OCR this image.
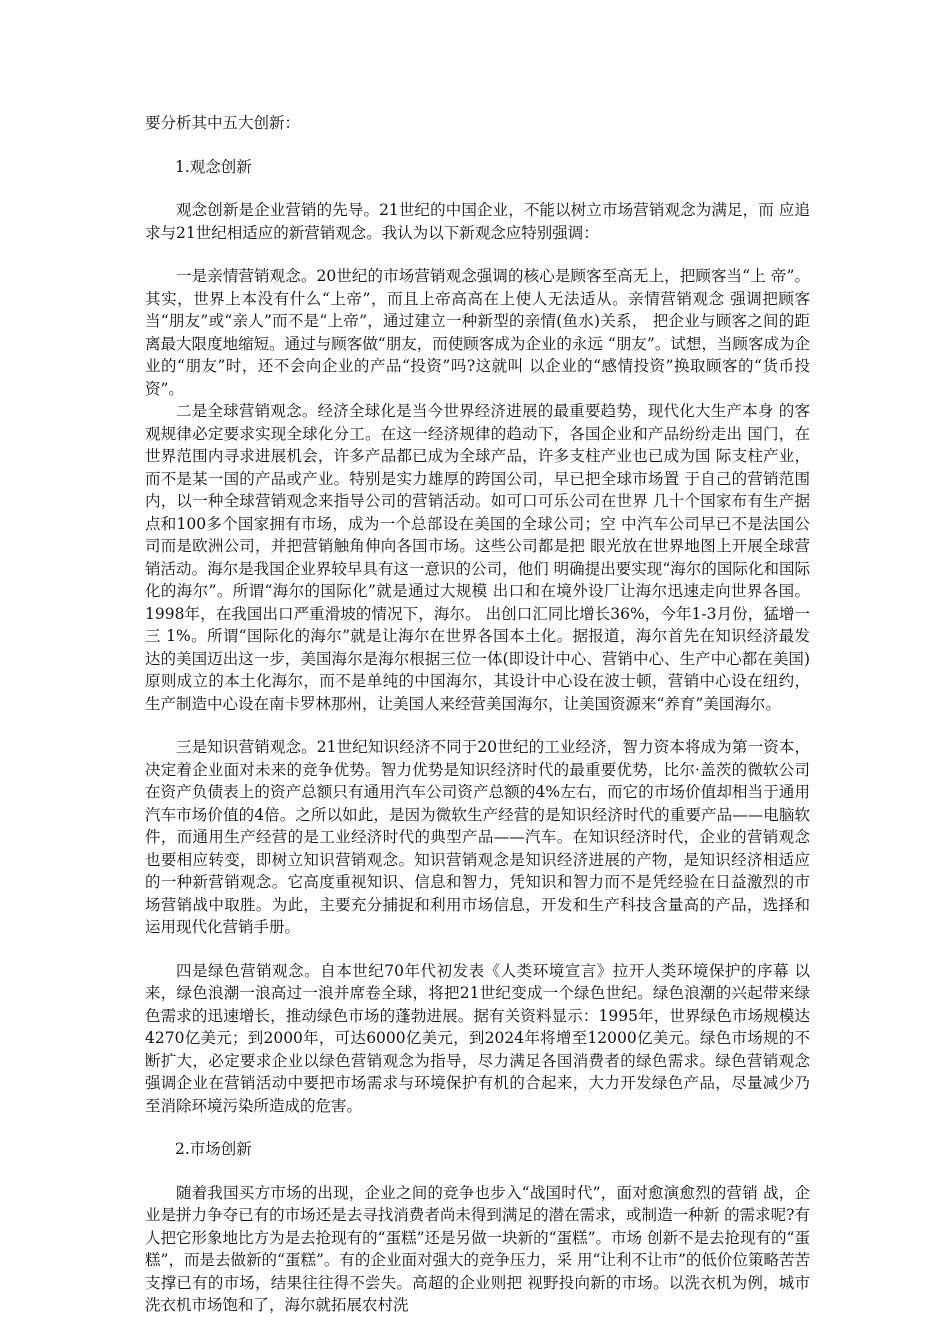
要分析其中五大创新：

1.观念创新

观念创新是企业营销的先导。21世纪的中国企业，不能以树立市场营销观念为满足，而 应追求与21世纪相适应的新营销观念。我认为以下新观念应特别强调：

一是亲情营销观念。20世纪的市场营销观念强调的核心是顾客至高无上，把顾客当“上 帝”。其实，世界上本没有什么“上帝”，而且上帝高高在上使人无法适从。亲情营销观念 强调把顾客当“朋友”或“亲人”而不是“上帝”，通过建立一种新型的亲情(鱼水)关系， 把企业与顾客之间的距离最大限度地缩短。通过与顾客做“朋友，而使顾客成为企业的永远 “朋友”。试想，当顾客成为企业的“朋友”时，还不会向企业的产品“投资”吗?这就叫 以企业的“感情投资”换取顾客的“货币投资”。

二是全球营销观念。经济全球化是当今世界经济进展的最重要趋势，现代化大生产本身 的客观规律必定要求实现全球化分工。在这一经济规律的趋动下，各国企业和产品纷纷走出 国门，在世界范围内寻求进展机会，许多产品都已成为全球产品，许多支柱产业也已成为国 际支柱产业，而不是某一国的产品或产业。特别是实力雄厚的跨国公司，早已把全球市场置 于自己的营销范围内，以一种全球营销观念来指导公司的营销活动。如可口可乐公司在世界 几十个国家布有生产据点和100多个国家拥有市场，成为一个总部设在美国的全球公司；空 中汽车公司早已不是法国公司而是欧洲公司，并把营销触角伸向各国市场。这些公司都是把 眼光放在世界地图上开展全球营销活动。海尔是我国企业界较早具有这一意识的公司，他们 明确提出要实现“海尔的国际化和国际化的海尔”。所谓“海尔的国际化”就是通过大规模 出口和在境外设厂让海尔迅速走向世界各国。1998年，在我国出口严重滑坡的情况下，海尔。 出创口汇同比增长36%，今年1-3月份，猛增一三 1%。所谓“国际化的海尔”就是让海尔在世界各国本土化。据报道，海尔首先在知识经济最发达的美国迈出这一步，美国海尔是海尔根据三位一体(即设计中心、营销中心、生产中心都在美国)原则成立的本土化海尔，而不是单纯的中国海尔，其设计中心设在波士顿，营销中心设在纽约，生产制造中心设在南卡罗林那州，让美国人来经营美国海尔，让美国资源来“养育”美国海尔。

三是知识营销观念。21世纪知识经济不同于20世纪的工业经济，智力资本将成为第一资本，决定着企业面对未来的竞争优势。智力优势是知识经济时代的最重要优势，比尔·盖茨的微软公司在资产负债表上的资产总额只有通用汽车公司资产总额的4%左右，而它的市场价值却相当于通用汽车市场价值的4倍。之所以如此，是因为微软生产经营的是知识经济时代的重要产品——电脑软件，而通用生产经营的是工业经济时代的典型产品——汽车。在知识经济时代，企业的营销观念也要相应转变，即树立知识营销观念。知识营销观念是知识经济进展的产物，是知识经济相适应的一种新营销观念。它高度重视知识、信息和智力，凭知识和智力而不是凭经验在日益激烈的市场营销战中取胜。为此，主要充分捕捉和利用市场信息，开发和生产科技含量高的产品，选择和运用现代化营销手册。

四是绿色营销观念。自本世纪70年代初发表《人类环境宣言》拉开人类环境保护的序幕 以来，绿色浪潮一浪高过一浪并席卷全球，将把21世纪变成一个绿色世纪。绿色浪潮的兴起带来绿色需求的迅速增长，推动绿色市场的蓬勃进展。据有关资料显示：1995年，世界绿色市场规模达4270亿美元；到2000年，可达6000亿美元，到2024年将增至12000亿美元。绿色市场规的不断扩大，必定要求企业以绿色营销观念为指导，尽力满足各国消费者的绿色需求。绿色营销观念强调企业在营销活动中要把市场需求与环境保护有机的合起来，大力开发绿色产品，尽量减少乃至消除环境污染所造成的危害。

2.市场创新

随着我国买方市场的出现，企业之间的竞争也步入“战国时代”，面对愈演愈烈的营销 战，企业是拼力争夺已有的市场还是去寻找消费者尚未得到满足的潜在需求，或制造一种新 的需求呢?有人把它形象地比方为是去抢现有的“蛋糕”还是另做一块新的“蛋糕”。市场 创新不是去抢现有的“蛋糕”，而是去做新的“蛋糕”。有的企业面对强大的竞争压力，采 用“让利不让市”的低价位策略苦苦支撑已有的市场，结果往往得不尝失。高超的企业则把 视野投向新的市场。以洗衣机为例，城市洗衣机市场饱和了，海尔就拓展农村洗
